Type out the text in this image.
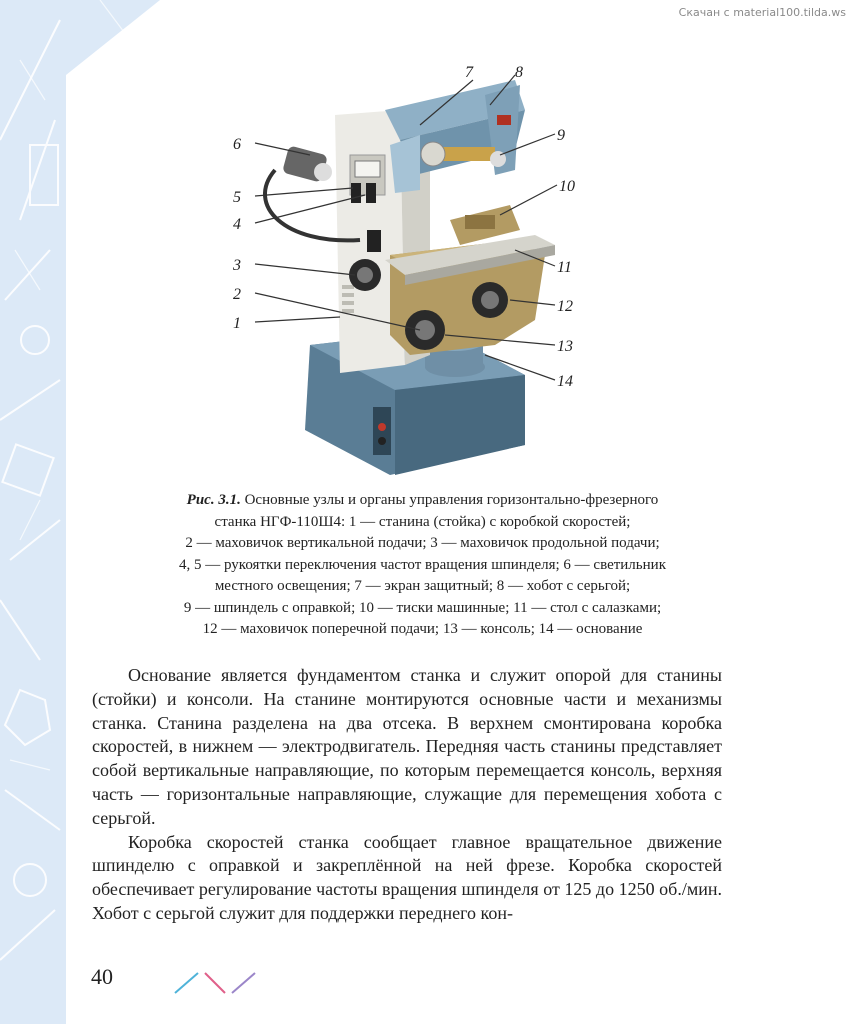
Скачан с material100.tilda.ws
1
2
3
4
5
6
7	8
9
10
11
12
13
14
Рис. 3.1. Основные узлы и органы управления горизонтально-фрезерного
станка НГФ-110Ш4: 1 — станина (стойка) с коробкой скоростей;
2 — маховичок вертикальной подачи; 3 — маховичок продольной подачи;
4, 5 — рукоятки переключения частот вращения шпинделя; 6 — светильник
местного освещения; 7 — экран защитный; 8 — хобот с серьгой;
9 — шпиндель с оправкой; 10 — тиски машинные; 11 — стол с салазками;
12 — маховичок поперечной подачи; 13 — консоль; 14 — основание

Основание является фундаментом станка и служит опорой для станины (стойки) и консоли. На станине монтируются основные части и механизмы станка. Станина разделена на два отсека. В верхнем смонтирована коробка скоростей, в нижнем — электродвигатель. Передняя часть станины представляет собой вертикальные направляющие, по которым перемещается консоль, верхняя часть — горизонтальные направляющие, служащие для перемещения хобота с серьгой.

Коробка скоростей станка сообщает главное вращательное движение шпинделю с оправкой и закреплённой на ней фрезе. Коробка скоростей обеспечивает регулирование частоты вращения шпинделя от 125 до 1250 об./мин. Хобот с серьгой служит для поддержки переднего кон-

40
